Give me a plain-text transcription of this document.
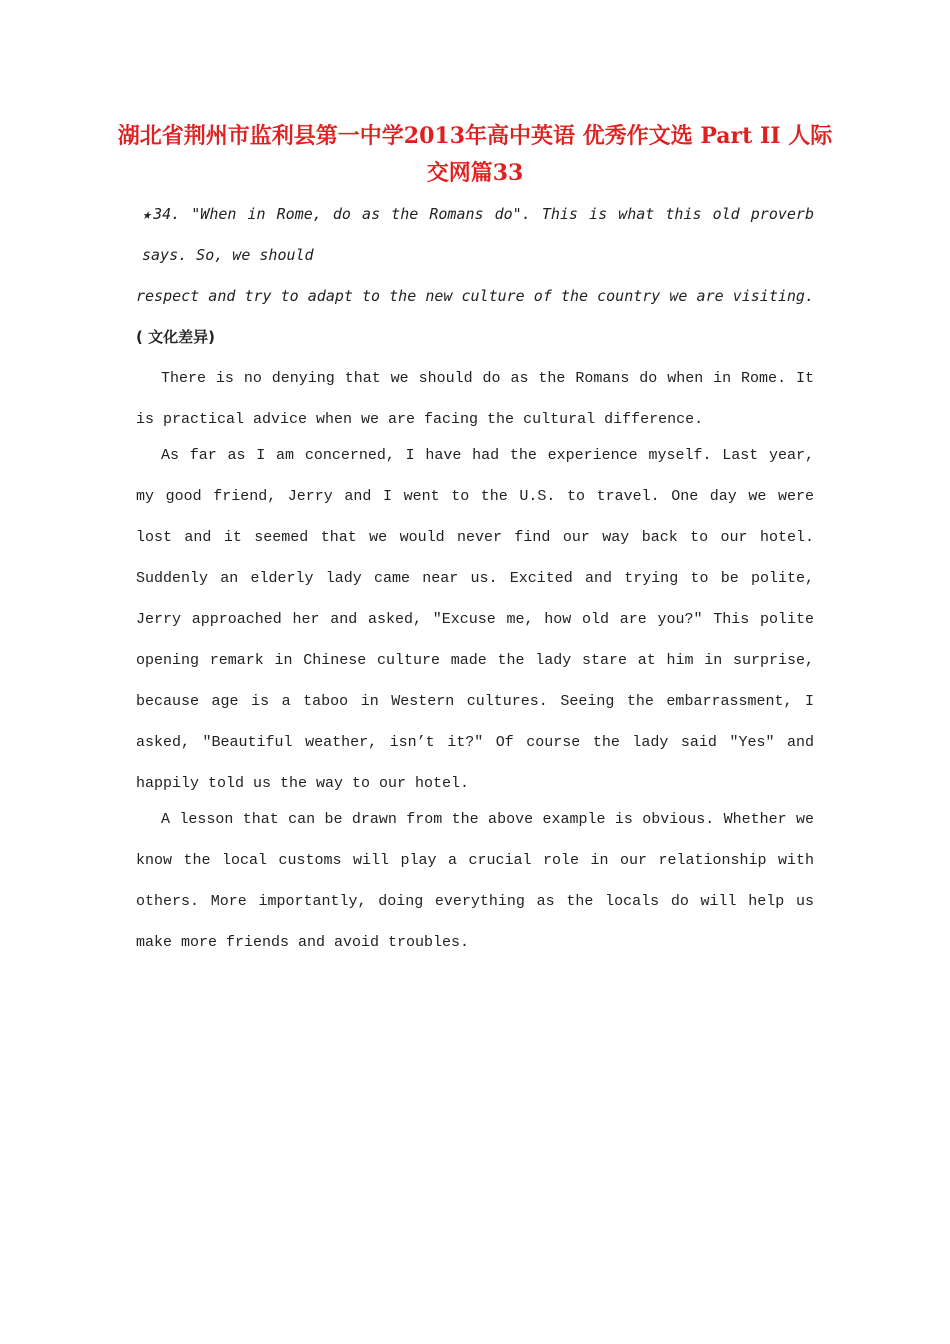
湖北省荆州市监利县第一中学2013年高中英语 优秀作文选 Part II 人际交网篇33
★34. "When in Rome, do as the Romans do". This is what this old proverb says. So, we should
respect and try to adapt to the new culture of the country we are visiting.( 文化差异)

There is no denying that we should do as the Romans do when in Rome. It is practical advice when we are facing the cultural difference.

As far as I am concerned, I have had the experience myself. Last year, my good friend, Jerry and I went to the U.S. to travel. One day we were lost and it seemed that we would never find our way back to our hotel. Suddenly an elderly lady came near us. Excited and trying to be polite, Jerry approached her and asked, "Excuse me, how old are you?" This polite opening remark in Chinese culture made the lady stare at him in surprise, because age is a taboo in Western cultures. Seeing the embarrassment, I asked, "Beautiful weather, isn’t it?" Of course the lady said "Yes" and happily told us the way to our hotel.

A lesson that can be drawn from the above example is obvious. Whether we know the local customs will play a crucial role in our relationship with others. More importantly, doing everything as the locals do will help us make more friends and avoid troubles.
